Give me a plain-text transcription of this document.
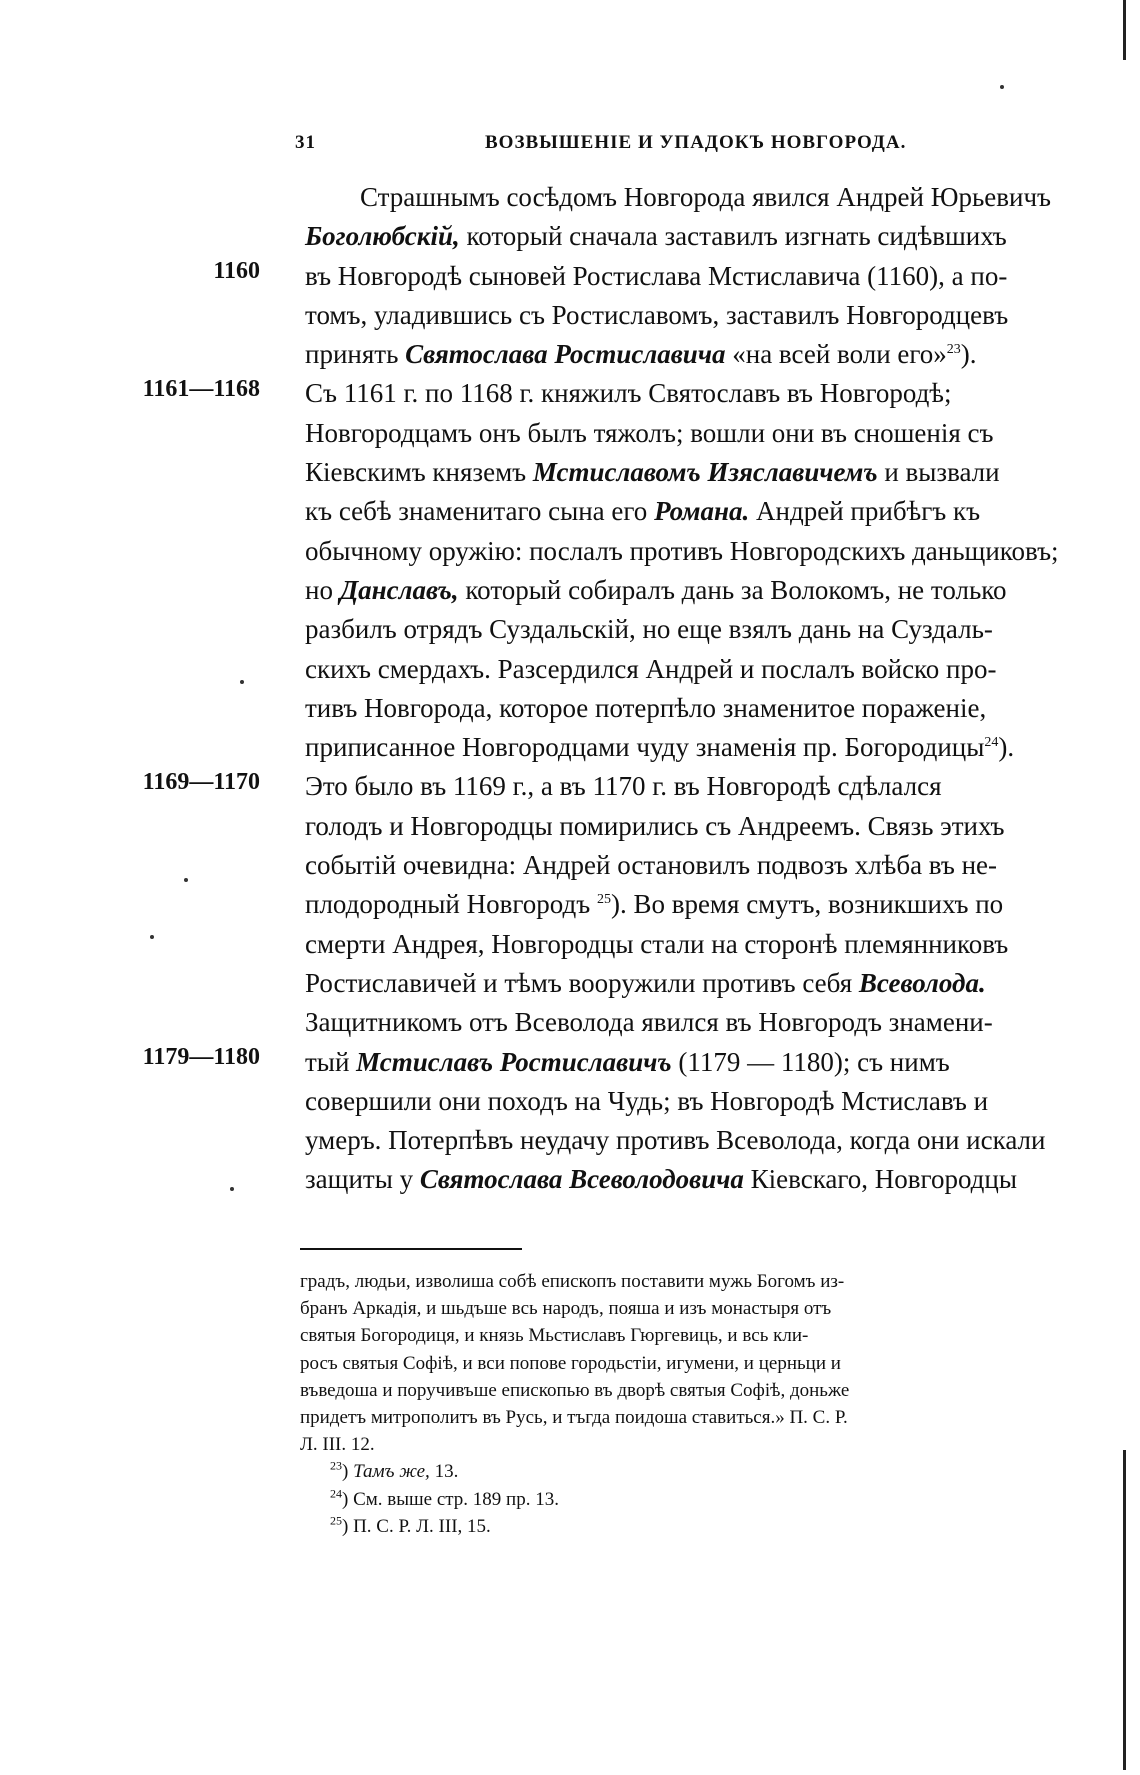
31	ВОЗВЫШЕНІЕ И УПАДОКЪ НОВГОРОДА.
1160
1161—1168
1169—1170
1179—1180
Страшнымъ сосѣдомъ Новгорода явился Андрей Юрьевичъ
Боголюбскій, который сначала заставилъ изгнать сидѣвшихъ
въ Новгородѣ сыновей Ростислава Мстиславича (1160), а по-
томъ, уладившись съ Ростиславомъ, заставилъ Новгородцевъ
принять Святослава Ростиславича «на всей воли его»$^{23}$).
Съ 1161 г. по 1168 г. княжилъ Святославъ въ Новгородѣ;
Новгородцамъ онъ былъ тяжолъ; вошли они въ сношенія съ
Кіевскимъ княземъ Мстиславомъ Изяславичемъ и вызвали
къ себѣ знаменитаго сына его Романа. Андрей прибѣгъ къ
обычному оружію: послалъ противъ Новгородскихъ даньщиковъ;
но Данславъ, который собиралъ дань за Волокомъ, не только
разбилъ отрядъ Суздальскій, но еще взялъ дань на Суздаль-
скихъ смердахъ. Разсердился Андрей и послалъ войско про-
тивъ Новгорода, которое потерпѣло знаменитое пораженіе,
приписанное Новгородцами чуду знаменія пр. Богородицы$^{24}$).
Это было въ 1169 г., а въ 1170 г. въ Новгородѣ сдѣлался
голодъ и Новгородцы помирились съ Андреемъ. Связь этихъ
событій очевидна: Андрей остановилъ подвозъ хлѣба въ не-
плодородный Новгородъ $^{25}$). Во время смутъ, возникшихъ по
смерти Андрея, Новгородцы стали на сторонѣ племянниковъ
Ростиславичей и тѣмъ вооружили противъ себя Всеволода.
Защитникомъ отъ Всеволода явился въ Новгородъ знамени-
тый Мстиславъ Ростиславичъ (1179 — 1180); съ нимъ
совершили они походъ на Чудь; въ Новгородѣ Мстиславъ и
умеръ. Потерпѣвъ неудачу противъ Всеволода, когда они искали
защиты у Святослава Всеволодовича Кіевскаго, Новгородцы
градъ, людьи, изволиша собѣ епископъ поставити мужь Богомъ из-
бранъ Аркадія, и шьдъше вcь народъ, пояша и изъ монастыря отъ
святыя Богородиця, и князь Мьстиславъ Гюргевиць, и вcь кли-
росъ святыя Софіѣ, и вси попове городьстіи, игумени, и церньци и
въведоша и поручивъше епископью въ дворѣ святыя Софіѣ, доньже
придетъ митрополитъ въ Русь, и тъгда поидоша ставиться.» П. С. Р.
Л. III. 12.
$^{23}$) Тамъ же, 13.
$^{24}$) См. выше стр. 189 пр. 13.
$^{25}$) П. С. Р. Л. III, 15.
